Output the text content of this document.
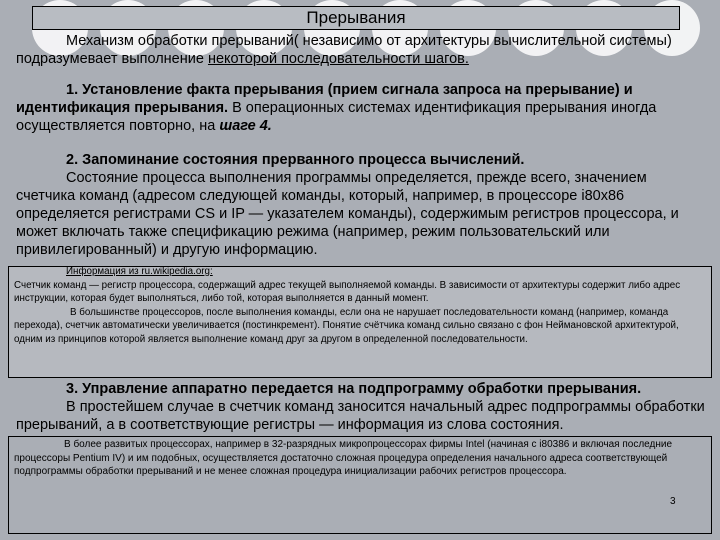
Прерывания
Механизм обработки прерываний( независимо от архитектуры вычислительной системы) подразумевает выполнение некоторой последовательности шагов.
1. Установление факта прерывания (прием сигнала запроса на прерывание) и идентификация прерывания. В операционных системах идентификация прерывания иногда осуществляется повторно, на шаге 4.
2. Запоминание состояния прерванного процесса вычислений.
Состояние процесса выполнения программы определяется, прежде всего, значением счетчика команд (адресом следующей команды, который, например, в процессоре i80x86 определяется регистрами CS и IP — указателем команды), содержимым регистров процессора, и может включать также спецификацию режима (например, режим пользовательский или привилегированный) и другую информацию.
Информация из ru.wikipedia.org:
Счетчик команд — регистр процессора, содержащий адрес текущей выполняемой команды. В зависимости от архитектуры содержит либо адрес инструкции, которая будет выполняться, либо той, которая выполняется в данный момент.
В большинстве процессоров, после выполнения команды, если она не нарушает последовательности команд (например, команда перехода), счетчик автоматически увеличивается (постинкремент). Понятие счётчика команд сильно связано с фон Неймановской архитектурой, одним из принципов которой является выполнение команд друг за другом в определенной последовательности.
3. Управление аппаратно передается на подпрограмму обработки прерывания.
В простейшем случае в счетчик команд заносится начальный адрес подпрограммы обработки прерываний, а в соответствующие регистры — информация из слова состояния.
В более развитых процессорах, например в 32-разрядных микропроцессорах фирмы Intel (начиная с i80386 и включая последние процессоры Pentium IV) и им подобных, осуществляется достаточно сложная процедура определения начального адреса соответствующей подпрограммы обработки прерываний и не менее сложная процедура инициализации рабочих регистров процессора.
3
